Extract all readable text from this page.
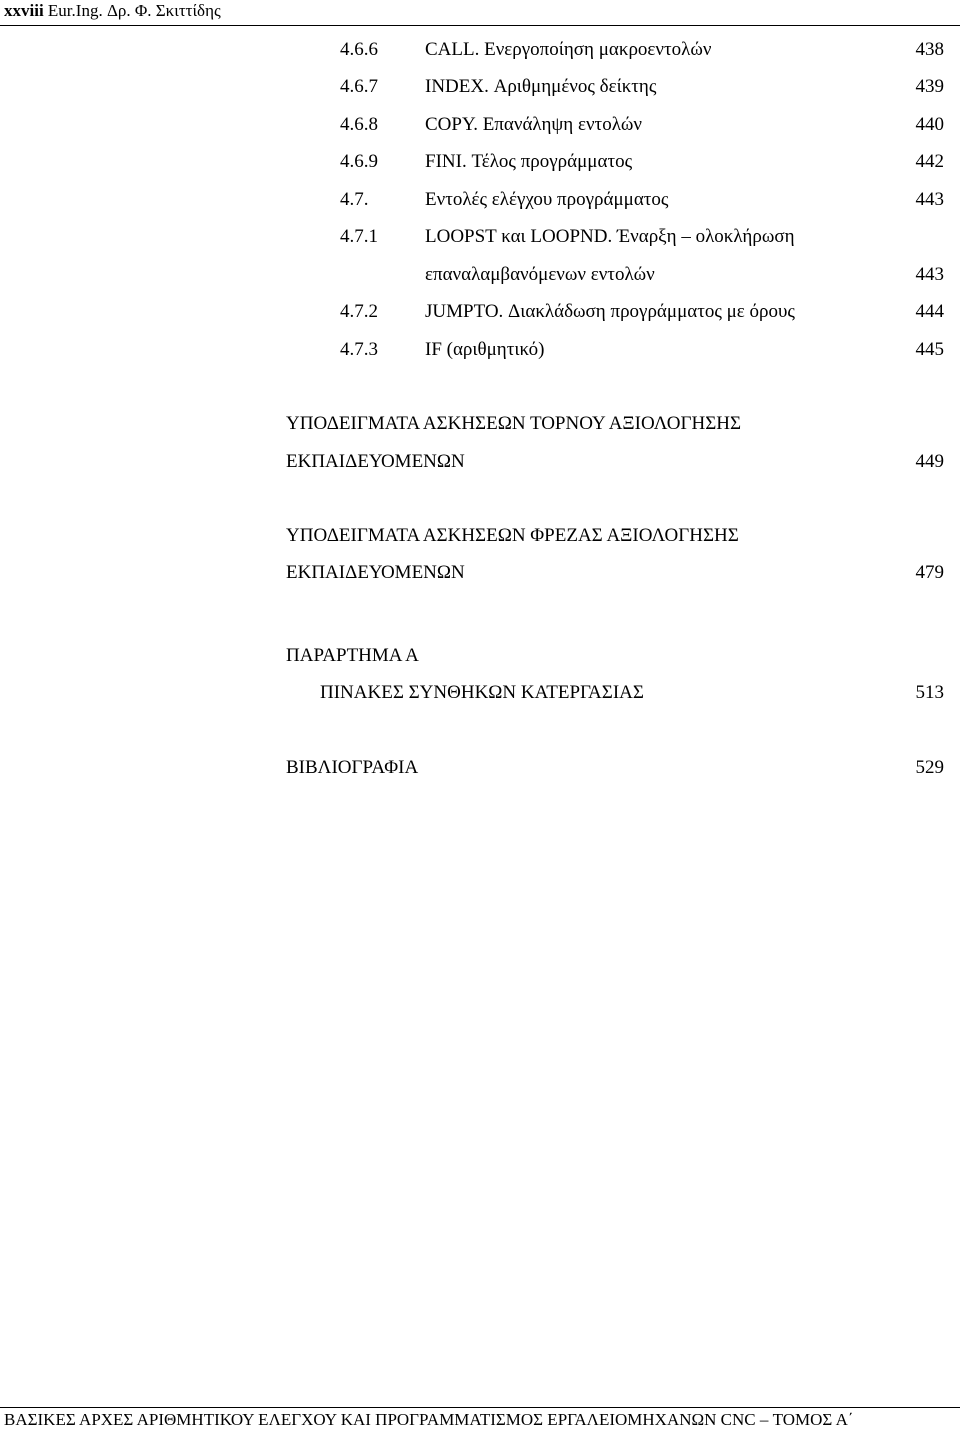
xxviii Eur.Ing. Δρ. Φ. Σκιττίδης
4.6.6 CALL. Ενεργοποίηση μακροεντολών	438
4.6.7 INDEX. Αριθμημένος δείκτης	439
4.6.8 COPY. Επανάληψη εντολών	440
4.6.9 FINI. Τέλος προγράμματος	442
4.7.	Εντολές ελέγχου προγράμματος	443
4.7.1 LOOPST και LOOPND. Έναρξη – ολοκλήρωση
επαναλαμβανόμενων εντολών	443
4.7.2 JUMPTO. Διακλάδωση προγράμματος με όρους	444
4.7.3 IF (αριθμητικό)	445
ΥΠΟΔΕΙΓΜΑΤΑ ΑΣΚΗΣΕΩΝ ΤΟΡΝΟΥ ΑΞΙΟΛΟΓΗΣΗΣ
ΕΚΠΑΙΔΕΥΟΜΕΝΩΝ	449
ΥΠΟΔΕΙΓΜΑΤΑ ΑΣΚΗΣΕΩΝ ΦΡΕΖΑΣ ΑΞΙΟΛΟΓΗΣΗΣ
ΕΚΠΑΙΔΕΥΟΜΕΝΩΝ	479
ΠΑΡΑΡΤΗΜΑ Α
ΠΙΝΑΚΕΣ ΣΥΝΘΗΚΩΝ ΚΑΤΕΡΓΑΣΙΑΣ	513
ΒΙΒΛΙΟΓΡΑΦΙΑ	529
ΒΑΣΙΚΕΣ ΑΡΧΕΣ ΑΡΙΘΜΗΤΙΚΟΥ ΕΛΕΓΧΟΥ ΚΑΙ ΠΡΟΓΡΑΜΜΑΤΙΣΜΟΣ ΕΡΓΑΛΕΙΟΜΗΧΑΝΩΝ CNC – ΤΟΜΟΣ Α΄
